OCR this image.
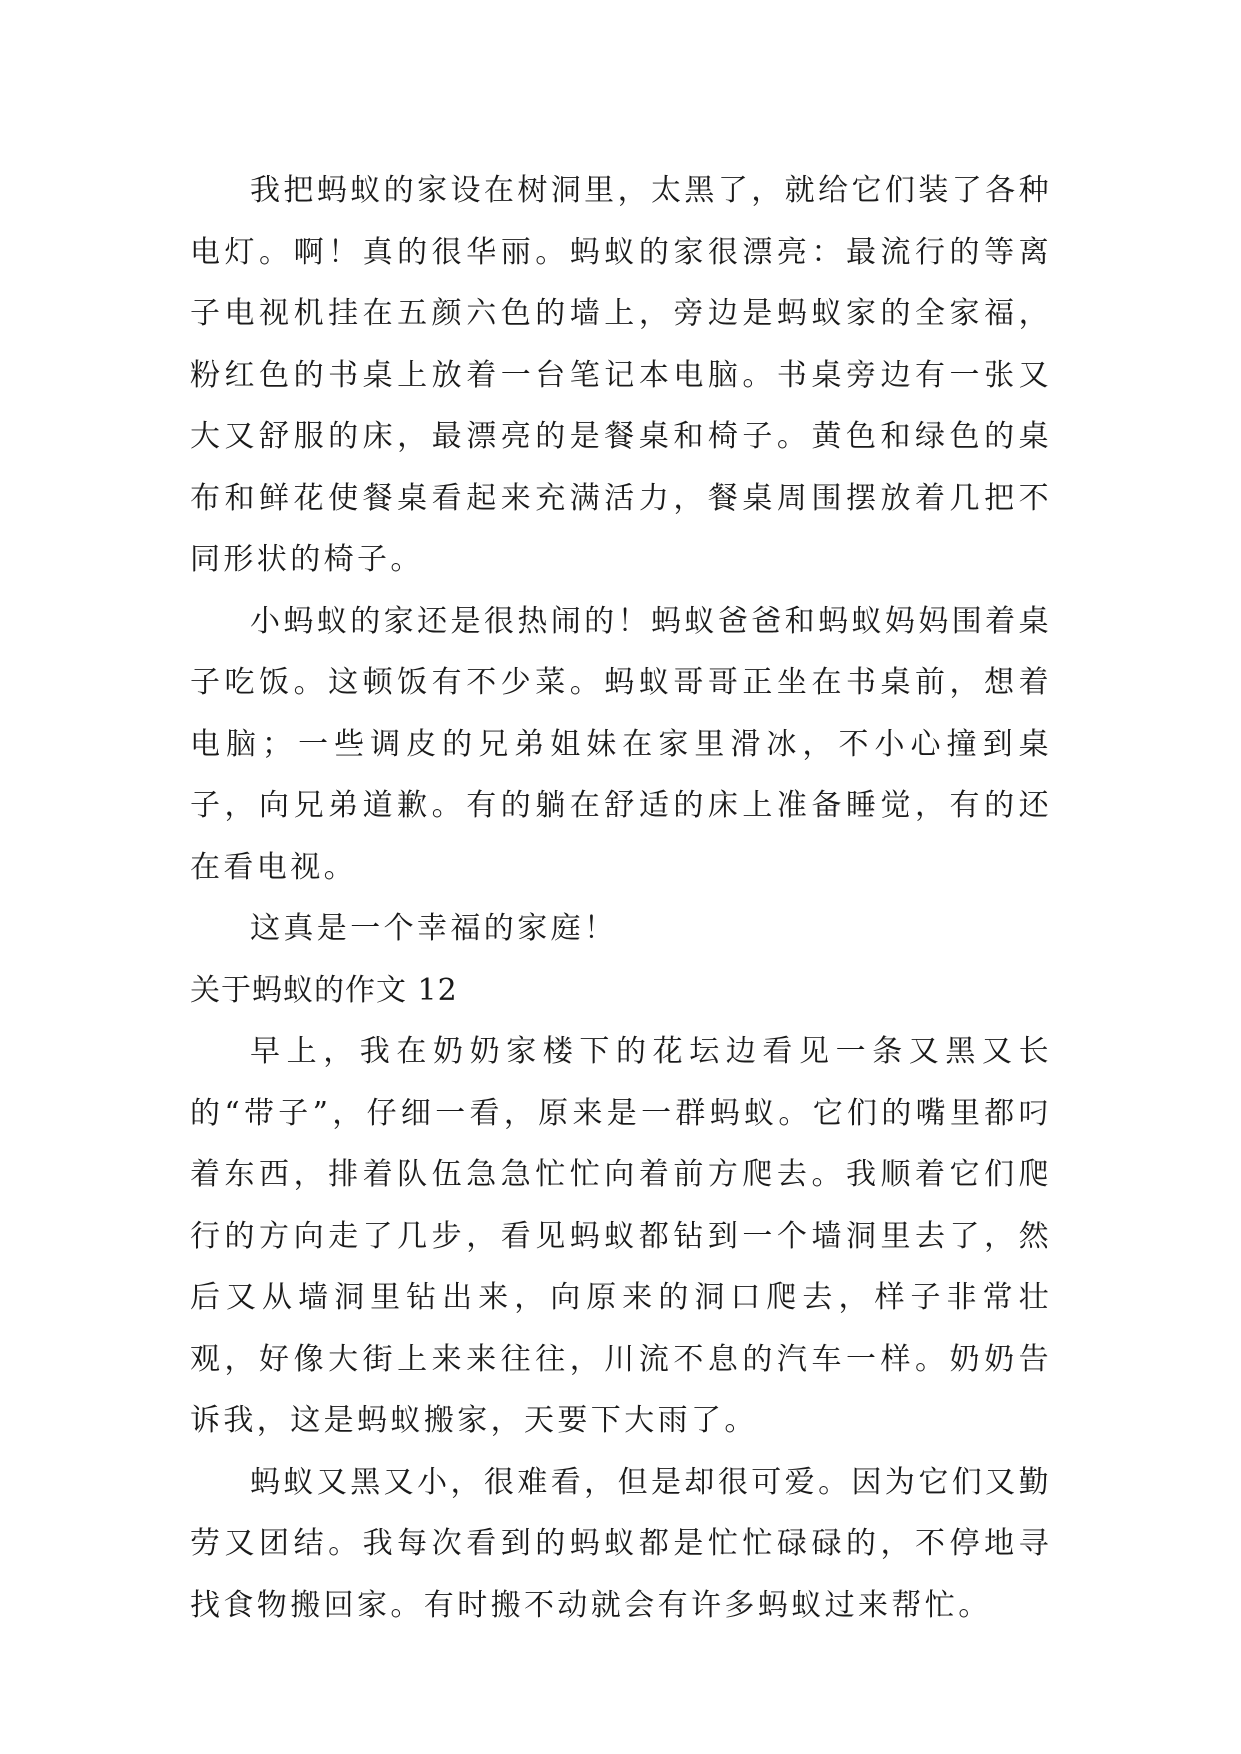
我把蚂蚁的家设在树洞里，太黑了，就给它们装了各种电灯。啊！真的很华丽。蚂蚁的家很漂亮：最流行的等离子电视机挂在五颜六色的墙上，旁边是蚂蚁家的全家福，粉红色的书桌上放着一台笔记本电脑。书桌旁边有一张又大又舒服的床，最漂亮的是餐桌和椅子。黄色和绿色的桌布和鲜花使餐桌看起来充满活力，餐桌周围摆放着几把不同形状的椅子。

小蚂蚁的家还是很热闹的！蚂蚁爸爸和蚂蚁妈妈围着桌子吃饭。这顿饭有不少菜。蚂蚁哥哥正坐在书桌前，想着电脑；一些调皮的兄弟姐妹在家里滑冰，不小心撞到桌子，向兄弟道歉。有的躺在舒适的床上准备睡觉，有的还在看电视。

这真是一个幸福的家庭！

关于蚂蚁的作文 12

早上，我在奶奶家楼下的花坛边看见一条又黑又长的“带子”，仔细一看，原来是一群蚂蚁。它们的嘴里都叼着东西，排着队伍急急忙忙向着前方爬去。我顺着它们爬行的方向走了几步，看见蚂蚁都钻到一个墙洞里去了，然后又从墙洞里钻出来，向原来的洞口爬去，样子非常壮观，好像大街上来来往往，川流不息的汽车一样。奶奶告诉我，这是蚂蚁搬家，天要下大雨了。

蚂蚁又黑又小，很难看，但是却很可爱。因为它们又勤劳又团结。我每次看到的蚂蚁都是忙忙碌碌的，不停地寻找食物搬回家。有时搬不动就会有许多蚂蚁过来帮忙。
